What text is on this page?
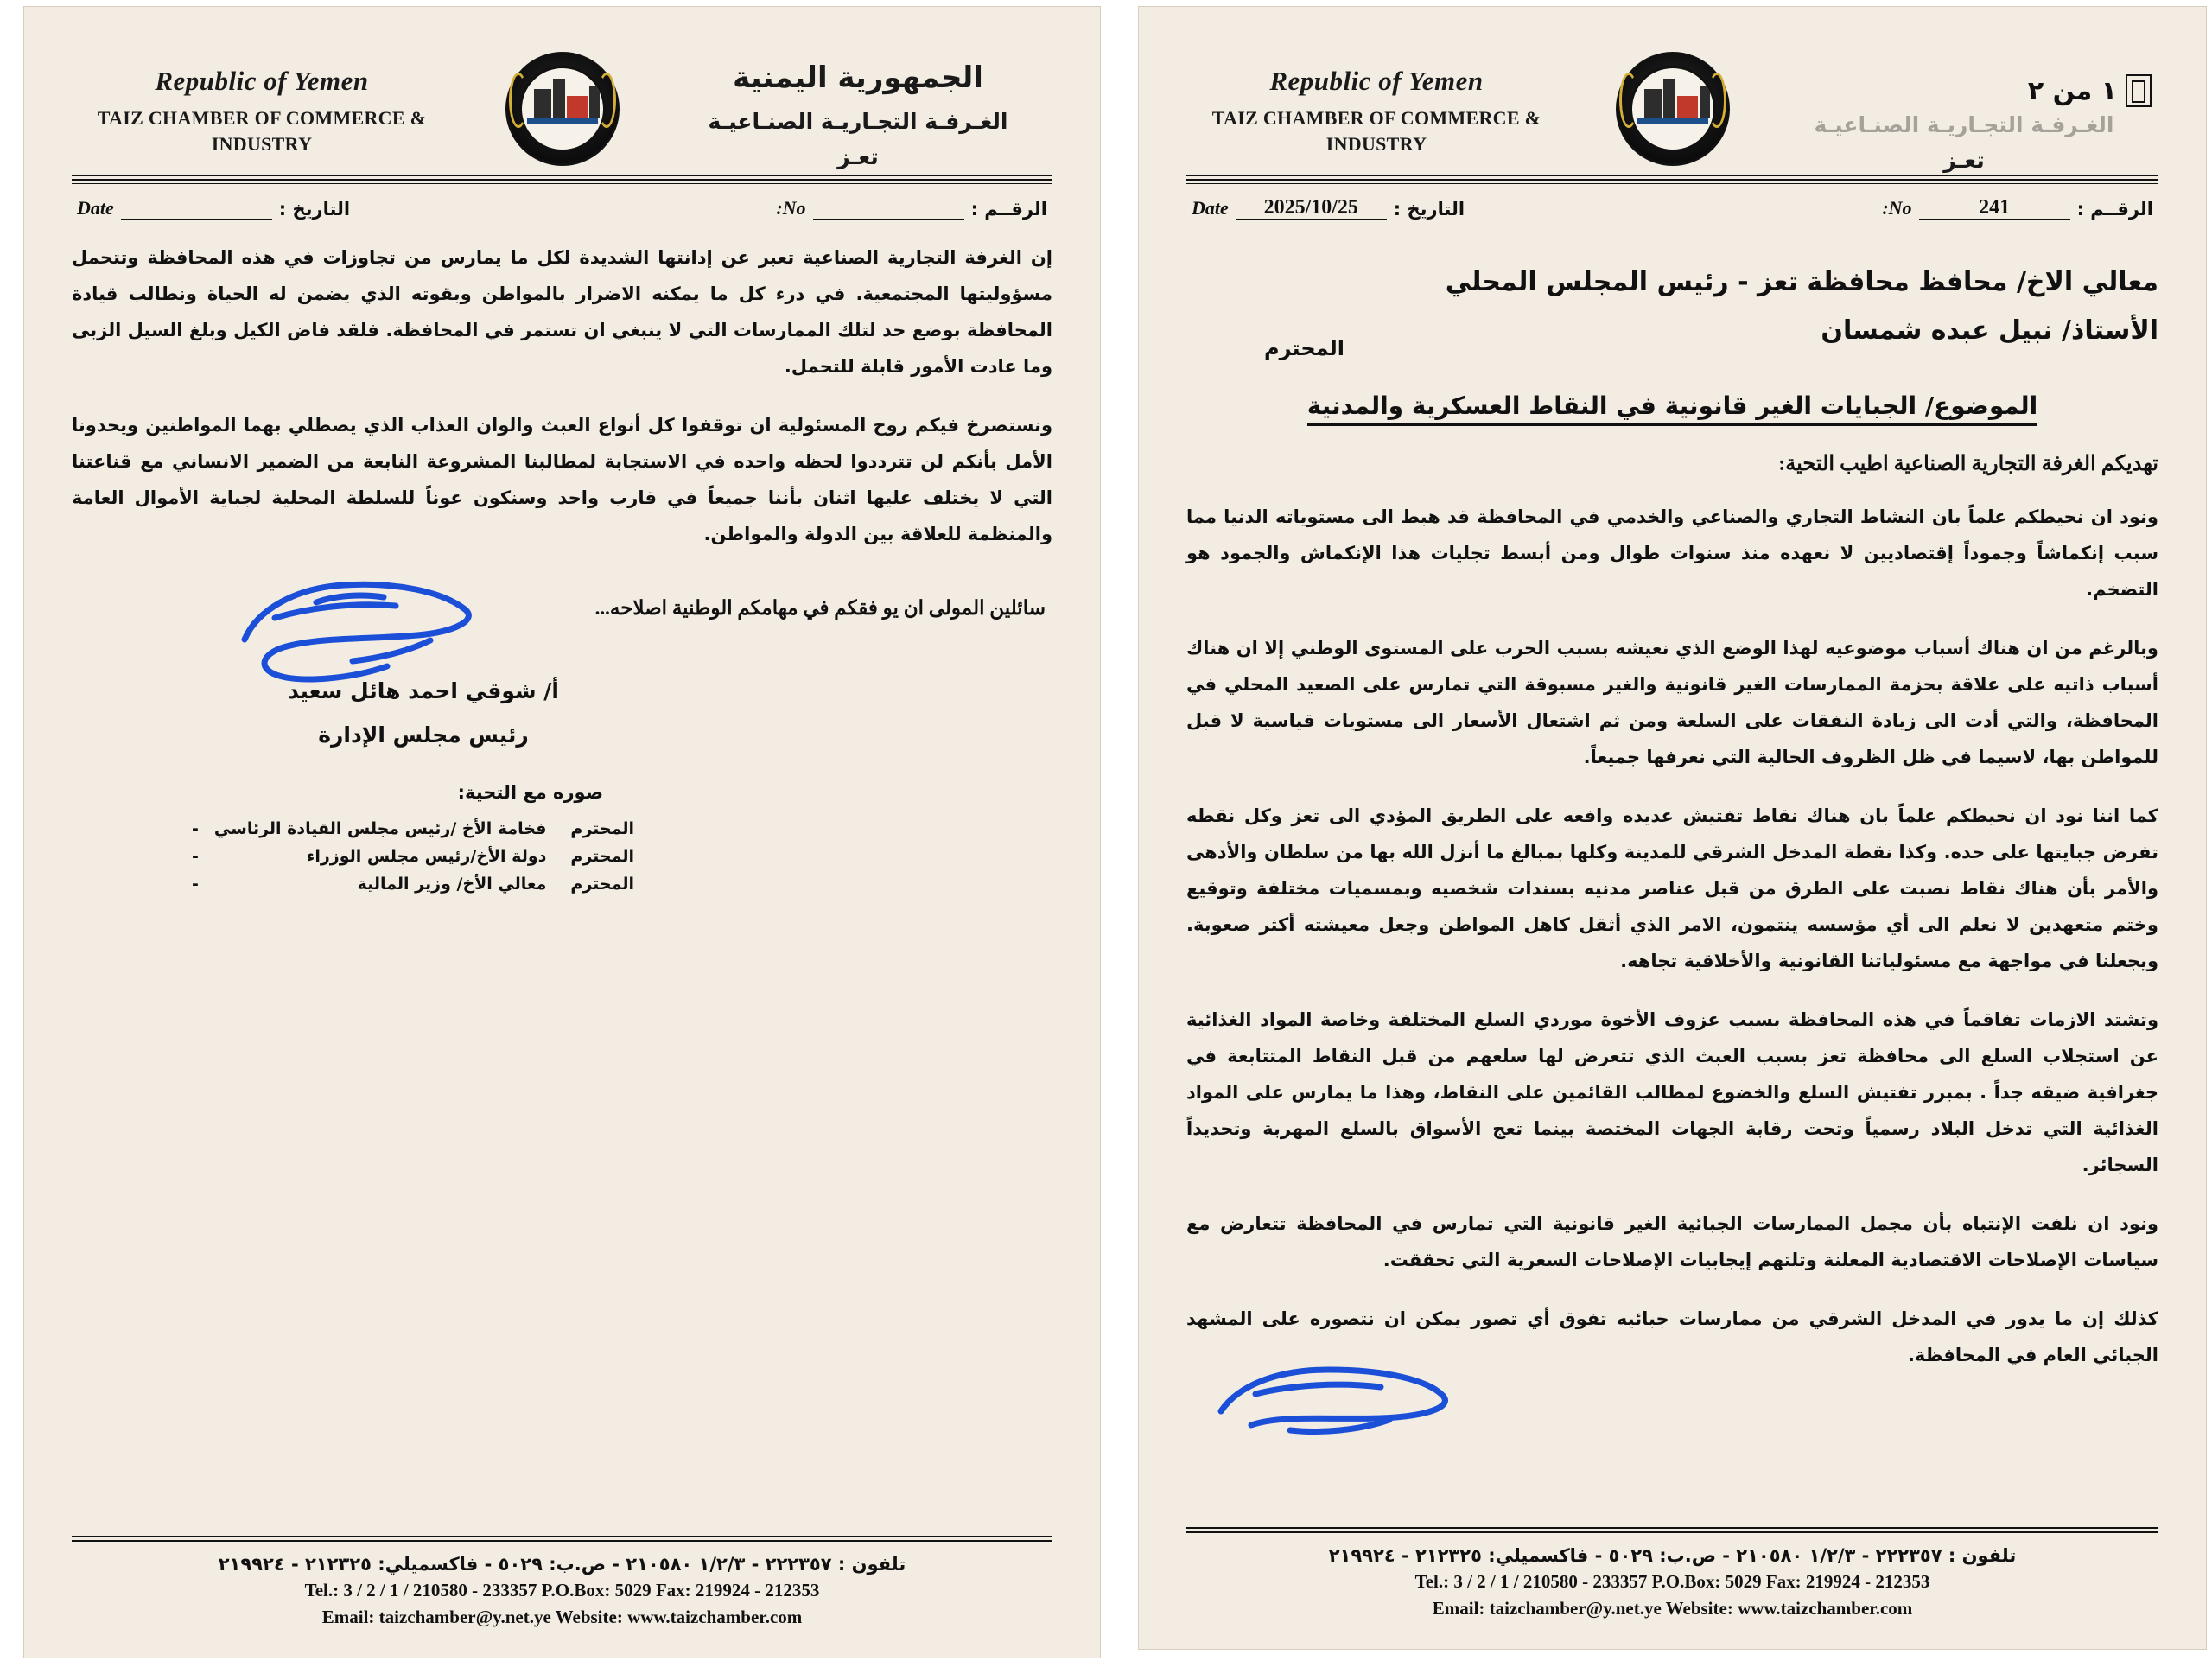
Republic of Yemen
TAIZ CHAMBER OF COMMERCE &
INDUSTRY	TCCI
الجمهورية اليمنية
الغـرفـة التجـاريـة الصنـاعيـة
تعـز
الرقــم :
No:
التاريخ :
Date

إن الغرفة التجارية الصناعية تعبر عن إدانتها الشديدة لكل ما يمارس من تجاوزات في هذه المحافظة وتتحمل مسؤوليتها المجتمعية. في درء كل ما يمكنه الاضرار بالمواطن وبقوته الذي يضمن له الحياة ونطالب قيادة المحافظة بوضع حد لتلك الممارسات التي لا ينبغي ان تستمر في المحافظة. فلقد فاض الكيل وبلغ السيل الزبى وما عادت الأمور قابلة للتحمل.

ونستصرخ فيكم روح المسئولية ان توقفوا كل أنواع العبث والوان العذاب الذي يصطلي بهما المواطنين ويحدونا الأمل بأنكم لن تترددوا لحظه واحده في الاستجابة لمطالبنا المشروعة النابعة من الضمير الانساني مع قناعتنا التي لا يختلف عليها اثنان بأننا جميعاً في قارب واحد وسنكون عوناً للسلطة المحلية لجباية الأموال العامة والمنظمة للعلاقة بين الدولة والمواطن.

سائلين المولى ان يو فقكم في مهامكم الوطنية اصلاحه...
أ/ شوقي احمد هائل سعيد
رئيس مجلس الإدارة
صوره مع التحية:
المحترم	فخامة الأخ /رئيس مجلس القيادة الرئاسي	-
المحترم	دولة الأخ/رئيس مجلس الوزراء	-
المحترم	معالي الأخ/ وزير المالية	-
تلفون : ٢٢٢٣٥٧ - ١/٢/٣ ٢١٠٥٨٠ - ص.ب: ٥٠٢٩ - فاكسميلي: ٢١٢٣٢٥ - ٢١٩٩٢٤
Tel.: 3 / 2 / 1 / 210580 - 233357 P.O.Box: 5029 Fax: 219924 - 212353
Email: taizchamber@y.net.ye Website: www.taizchamber.com
Republic of Yemen
TAIZ CHAMBER OF COMMERCE &
INDUSTRY	TCCI
١ من ٢
الغـرفـة التجـاريـة الصنـاعيـة
تعـز
الرقــم :
241
No:
التاريخ :
2025/10/25
Date
معالي الاخ/ محافظ محافظة تعز - رئيس المجلس المحلي
الأستاذ/ نبيل عبده شمسان
المحترم
الموضوع/ الجبايات الغير قانونية في النقاط العسكرية والمدنية
تهديكم الغرفة التجارية الصناعية اطيب التحية:

ونود ان نحيطكم علماً بان النشاط التجاري والصناعي والخدمي في المحافظة قد هبط الى مستوياته الدنيا مما سبب إنكماشاً وجموداً إقتصاديين لا نعهده منذ سنوات طوال ومن أبسط تجليات هذا الإنكماش والجمود هو التضخم.

وبالرغم من ان هناك أسباب موضوعيه لهذا الوضع الذي نعيشه بسبب الحرب على المستوى الوطني إلا ان هناك أسباب ذاتيه على علاقة بحزمة الممارسات الغير قانونية والغير مسبوقة التي تمارس على الصعيد المحلي في المحافظة، والتي أدت الى زيادة النفقات على السلعة ومن ثم اشتعال الأسعار الى مستويات قياسية لا قبل للمواطن بها، لاسيما في ظل الظروف الحالية التي نعرفها جميعاً.

كما اننا نود ان نحيطكم علماً بان هناك نقاط تفتيش عديده وافعه على الطريق المؤدي الى تعز وكل نقطه تفرض جبايتها على حده. وكذا نقطة المدخل الشرقي للمدينة وكلها بمبالغ ما أنزل الله بها من سلطان والأدهى والأمر بأن هناك نقاط نصبت على الطرق من قبل عناصر مدنيه بسندات شخصيه وبمسميات مختلفة وتوقيع وختم متعهدين لا نعلم الى أي مؤسسه ينتمون، الامر الذي أثقل كاهل المواطن وجعل معيشته أكثر صعوبة. ويجعلنا في مواجهة مع مسئولياتنا القانونية والأخلاقية تجاهه.

وتشتد الازمات تفاقماً في هذه المحافظة بسبب عزوف الأخوة موردي السلع المختلفة وخاصة المواد الغذائية عن استجلاب السلع الى محافظة تعز بسبب العبث الذي تتعرض لها سلعهم من قبل النقاط المتتابعة في جغرافية ضيقه جداً . بمبرر تفتيش السلع والخضوع لمطالب القائمين على النقاط، وهذا ما يمارس على المواد الغذائية التي تدخل البلاد رسمياً وتحت رقابة الجهات المختصة بينما تعج الأسواق بالسلع المهربة وتحديداً السجائر.

ونود ان نلفت الإنتباه بأن مجمل الممارسات الجبائية الغير قانونية التي تمارس في المحافظة تتعارض مع سياسات الإصلاحات الاقتصادية المعلنة وتلتهم إيجابيات الإصلاحات السعرية التي تحققت.

كذلك إن ما يدور في المدخل الشرقي من ممارسات جبائيه تفوق أي تصور يمكن ان نتصوره على المشهد الجبائي العام في المحافظة.

تلفون : ٢٢٢٣٥٧ - ١/٢/٣ ٢١٠٥٨٠ - ص.ب: ٥٠٢٩ - فاكسميلي: ٢١٢٣٢٥ - ٢١٩٩٢٤
Tel.: 3 / 2 / 1 / 210580 - 233357 P.O.Box: 5029 Fax: 219924 - 212353
Email: taizchamber@y.net.ye Website: www.taizchamber.com
